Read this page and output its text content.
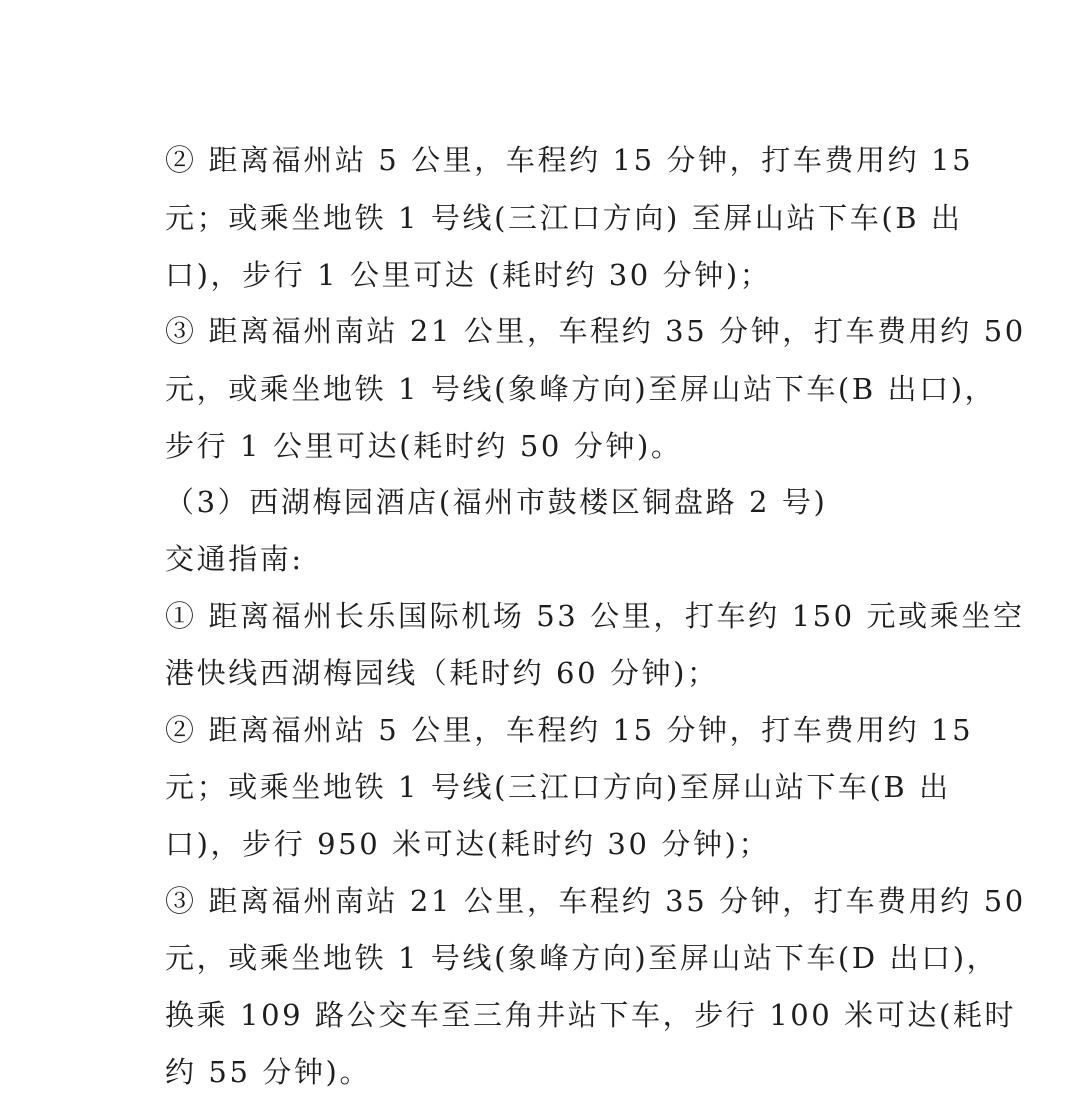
② 距离福州站 5 公里，车程约 15 分钟，打车费用约 15
元；或乘坐地铁 1 号线(三江口方向) 至屏山站下车(B 出
口)，步行 1 公里可达 (耗时约 30 分钟)；
③ 距离福州南站 21 公里，车程约 35 分钟，打车费用约 50
元，或乘坐地铁 1 号线(象峰方向)至屏山站下车(B 出口)，
步行 1 公里可达(耗时约 50 分钟)。
（3）西湖梅园酒店(福州市鼓楼区铜盘路 2 号)
交通指南:
① 距离福州长乐国际机场 53 公里，打车约 150 元或乘坐空
港快线西湖梅园线（耗时约 60 分钟)；
② 距离福州站 5 公里，车程约 15 分钟，打车费用约 15
元；或乘坐地铁 1 号线(三江口方向)至屏山站下车(B 出
口)，步行 950 米可达(耗时约 30 分钟)；
③ 距离福州南站 21 公里，车程约 35 分钟，打车费用约 50
元，或乘坐地铁 1 号线(象峰方向)至屏山站下车(D 出口)，
换乘 109 路公交车至三角井站下车，步行 100 米可达(耗时
约 55 分钟)。
